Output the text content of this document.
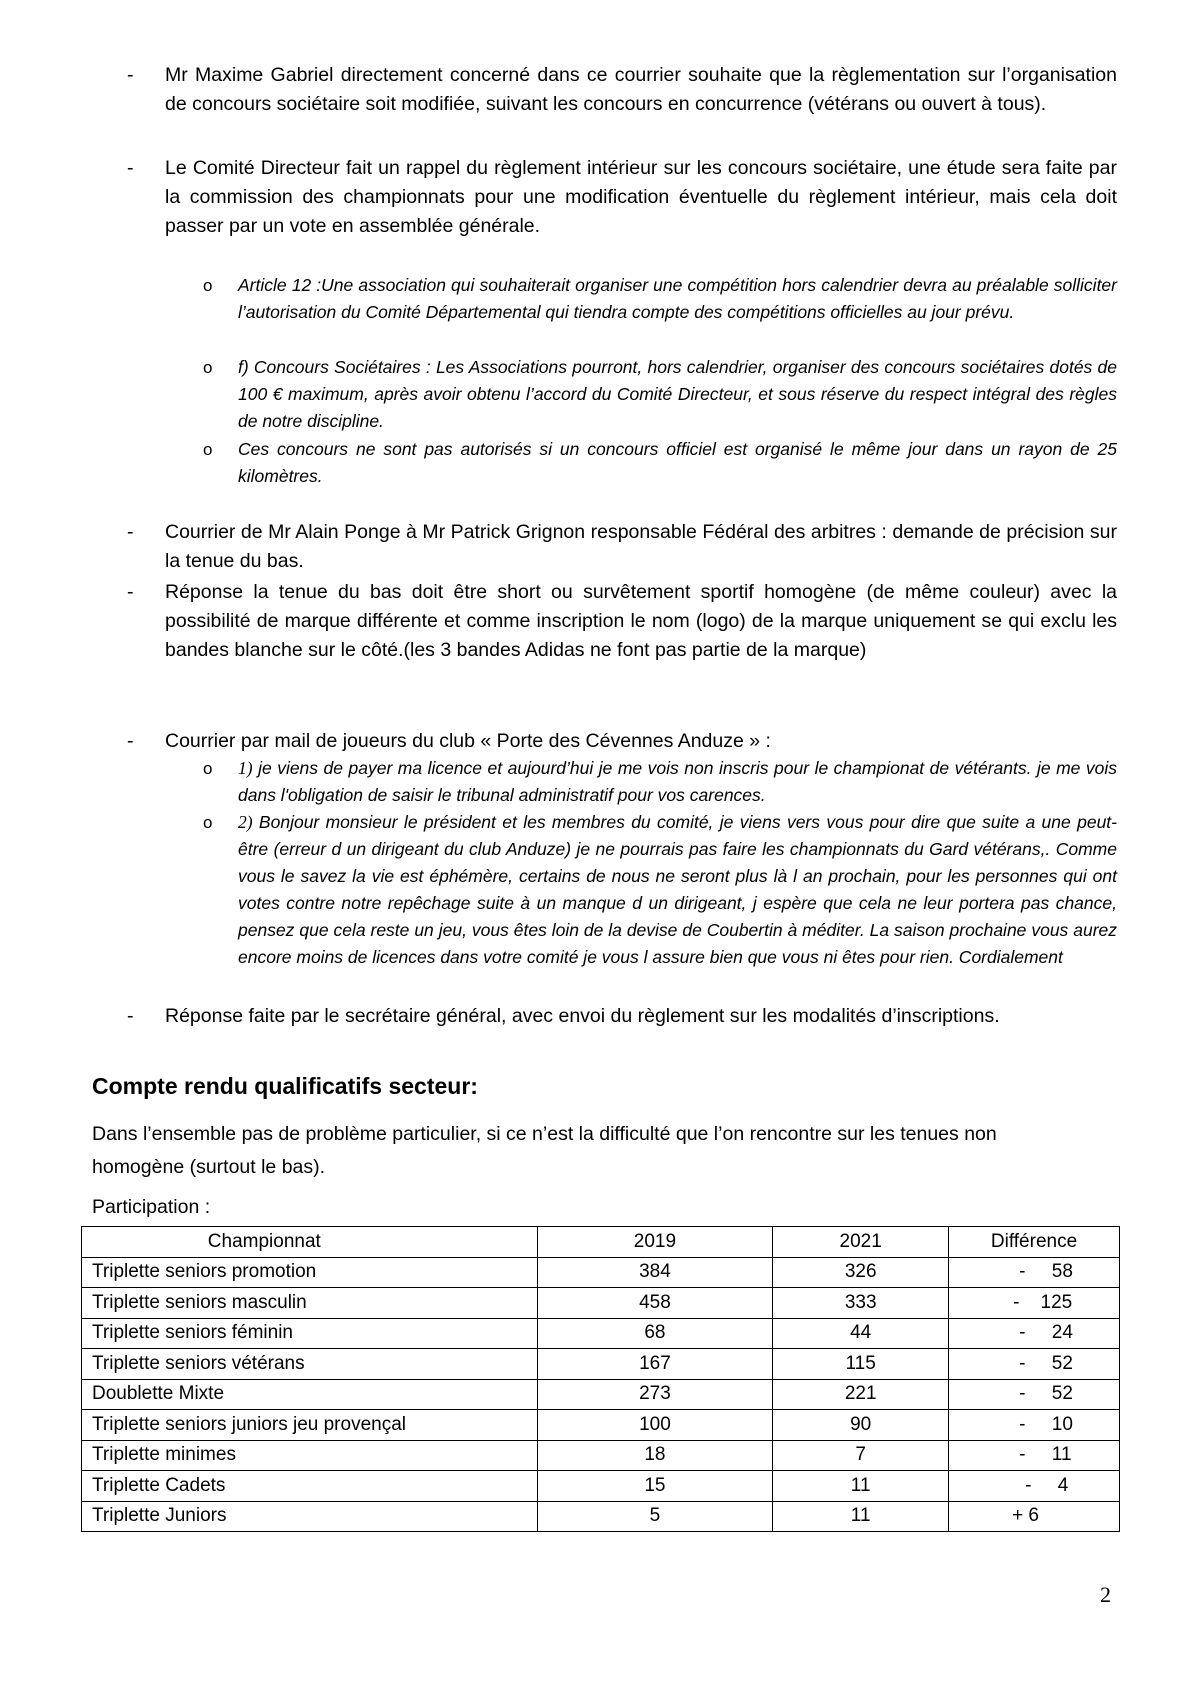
- Mr Maxime Gabriel directement concerné dans ce courrier souhaite que la règlementation sur l’organisation de concours sociétaire soit modifiée, suivant les concours en concurrence (vétérans ou ouvert à tous).
- Le Comité Directeur fait un rappel du règlement intérieur sur les concours sociétaire, une étude sera faite par la commission des championnats pour une modification éventuelle du règlement intérieur, mais cela doit passer par un vote en assemblée générale.
o Article 12 :Une association qui souhaiterait organiser une compétition hors calendrier devra au préalable solliciter l’autorisation du Comité Départemental qui tiendra compte des compétitions officielles au jour prévu.
o f) Concours Sociétaires : Les Associations pourront, hors calendrier, organiser des concours sociétaires dotés de 100 € maximum, après avoir obtenu l’accord du Comité Directeur, et sous réserve du respect intégral des règles de notre discipline.
o Ces concours ne sont pas autorisés si un concours officiel est organisé le même jour dans un rayon de 25 kilomètres.
- Courrier de Mr Alain Ponge à Mr Patrick Grignon responsable Fédéral des arbitres : demande de précision sur la tenue du bas.
- Réponse la tenue du bas doit être short ou survêtement sportif homogène (de même couleur) avec la possibilité de marque différente et comme inscription le nom (logo) de la marque uniquement se qui exclu les bandes blanche sur le côté.(les 3 bandes Adidas ne font pas partie de la marque)
- Courrier par mail de joueurs du club « Porte des Cévennes Anduze » :
o 1) je viens de payer ma licence et aujourd’hui je me vois non inscris pour le championat de vétérants. je me vois dans l'obligation de saisir le tribunal administratif pour vos carences.
o 2) Bonjour monsieur le président et les membres du comité, je viens vers vous pour dire que suite a une peut-être (erreur d un dirigeant du club Anduze) je ne pourrais pas faire les championnats du Gard vétérans,. Comme vous le savez la vie est éphémère, certains de nous ne seront plus là l an prochain, pour les personnes qui ont votes contre notre repêchage suite à un manque d un dirigeant, j espère que cela ne leur portera pas chance, pensez que cela reste un jeu, vous êtes loin de la devise de Coubertin à méditer. La saison prochaine vous aurez encore moins de licences dans votre comité je vous l assure bien que vous ni êtes pour rien. Cordialement
- Réponse faite par le secrétaire général, avec envoi du règlement sur les modalités d’inscriptions.
Compte rendu qualificatifs secteur:
Dans l’ensemble pas de problème particulier, si ce n’est la difficulté que l’on rencontre sur les tenues non homogène (surtout le bas).
Participation :
Championnat	2019	2021	Différence
Triplette seniors promotion	384	326	-     58
Triplette seniors masculin	458	333	-    125
Triplette seniors féminin	68	44	-     24
Triplette seniors vétérans	167	115	-     52
Doublette Mixte	273	221	-     52
Triplette seniors juniors jeu provençal	100	90	-     10
Triplette minimes	18	7	-     11
Triplette Cadets	15	11	-     4
Triplette Juniors	5	11	+ 6
2
